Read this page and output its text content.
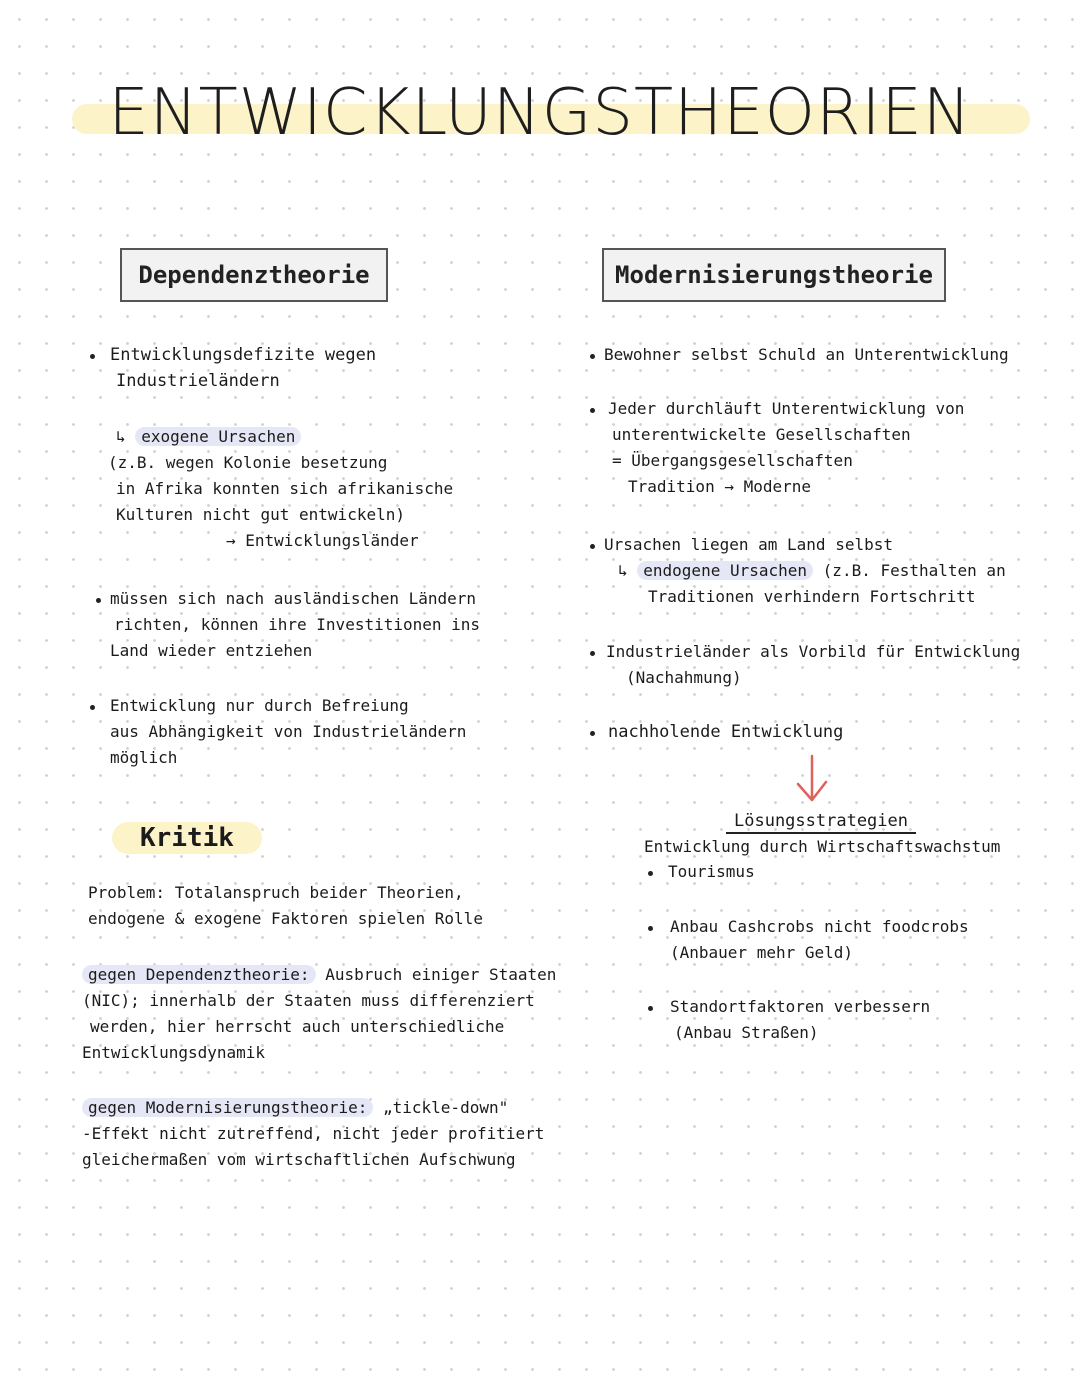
ENTWICKLUNGSTHEORIEN
Dependenztheorie
Entwicklungsdefizite wegen
Industrieländern
↳ exogene Ursachen
(z.B. wegen Kolonie besetzung
in Afrika konnten sich afrikanische
Kulturen nicht gut entwickeln)
→ Entwicklungsländer
müssen sich nach ausländischen Ländern
richten, können ihre Investitionen ins
Land wieder entziehen
Entwicklung nur durch Befreiung
aus Abhängigkeit von Industrieländern
möglich
Kritik
Problem: Totalanspruch beider Theorien,
endogene & exogene Faktoren spielen Rolle
gegen Dependenztheorie: Ausbruch einiger Staaten
(NIC); innerhalb der Staaten muss differenziert
werden, hier herrscht auch unterschiedliche
Entwicklungsdynamik
gegen Modernisierungstheorie: „tickle-down"
-Effekt nicht zutreffend, nicht jeder profitiert
gleichermaßen vom wirtschaftlichen Aufschwung
Modernisierungstheorie
Bewohner selbst Schuld an Unterentwicklung
Jeder durchläuft Unterentwicklung von
unterentwickelte Gesellschaften
= Übergangsgesellschaften
Tradition → Moderne
Ursachen liegen am Land selbst
↳ endogene Ursachen (z.B. Festhalten an
Traditionen verhindern Fortschritt
Industrieländer als Vorbild für Entwicklung
(Nachahmung)
nachholende Entwicklung
Lösungsstrategien
Entwicklung durch Wirtschaftswachstum
Tourismus
Anbau Cashcrobs nicht foodcrobs
(Anbauer mehr Geld)
Standortfaktoren verbessern
(Anbau Straßen)
